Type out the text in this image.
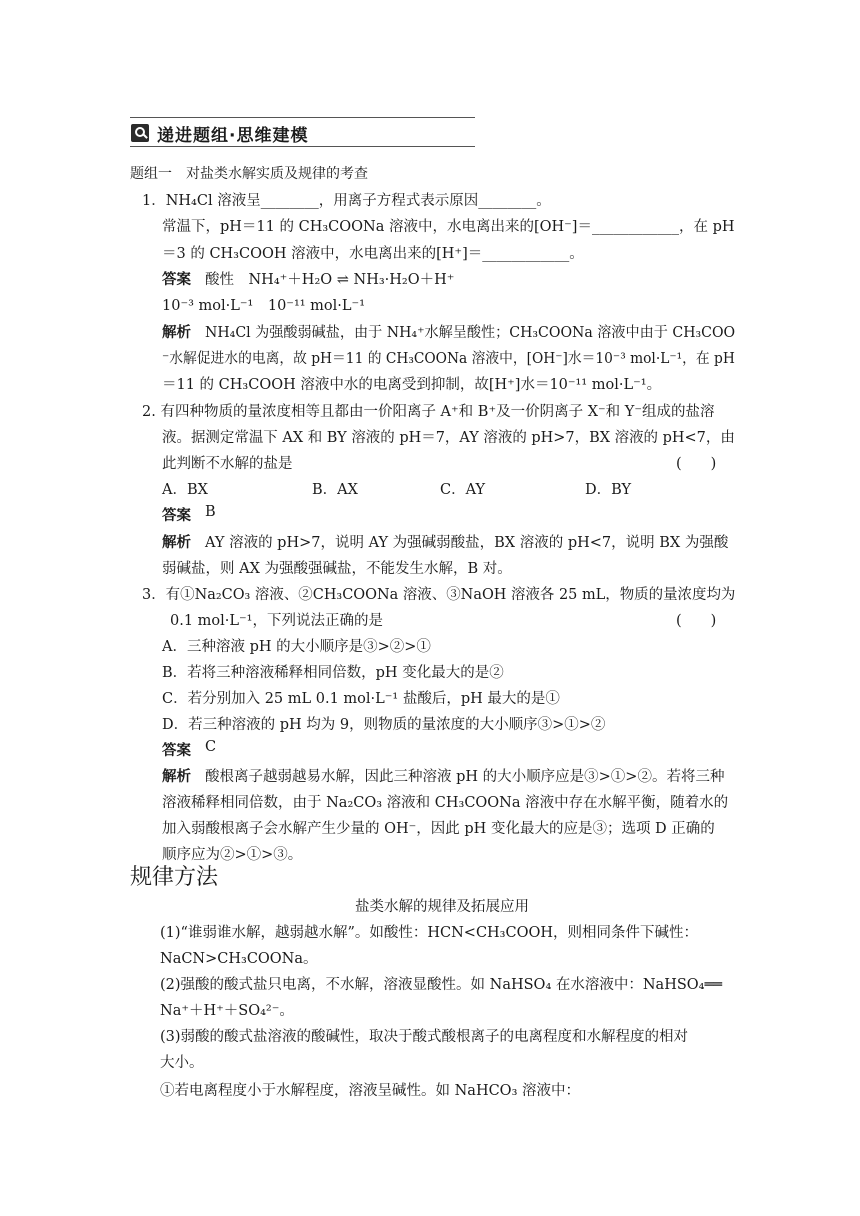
递进题组·思维建模
题组一　对盐类水解实质及规律的考查
1．NH₄Cl 溶液呈________，用离子方程式表示原因________。
常温下，pH＝11 的 CH₃COONa 溶液中，水电离出来的[OH⁻]＝____________，在 pH
＝3 的 CH₃COOH 溶液中，水电离出来的[H⁺]＝____________。
答案 酸性　NH₄⁺＋H₂O ⇌ NH₃·H₂O＋H⁺
10⁻³ mol·L⁻¹　10⁻¹¹ mol·L⁻¹
解析 NH₄Cl 为强酸弱碱盐，由于 NH₄⁺水解呈酸性；CH₃COONa 溶液中由于 CH₃COO
⁻水解促进水的电离，故 pH＝11 的 CH₃COONa 溶液中，[OH⁻]水＝10⁻³ mol·L⁻¹，在 pH
＝11 的 CH₃COOH 溶液中水的电离受到抑制，故[H⁺]水＝10⁻¹¹ mol·L⁻¹。
2. 有四种物质的量浓度相等且都由一价阳离子 A⁺和 B⁺及一价阴离子 X⁻和 Y⁻组成的盐溶
液。据测定常温下 AX 和 BY 溶液的 pH＝7，AY 溶液的 pH>7，BX 溶液的 pH<7，由
此判断不水解的盐是	(　　)
A．BX	B．AX	C．AY	D．BY
答案 B
解析 AY 溶液的 pH>7，说明 AY 为强碱弱酸盐，BX 溶液的 pH<7，说明 BX 为强酸
弱碱盐，则 AX 为强酸强碱盐，不能发生水解，B 对。
3．有①Na₂CO₃ 溶液、②CH₃COONa 溶液、③NaOH 溶液各 25 mL，物质的量浓度均为
0.1 mol·L⁻¹，下列说法正确的是	(　　)
A．三种溶液 pH 的大小顺序是③>②>①
B．若将三种溶液稀释相同倍数，pH 变化最大的是②
C．若分别加入 25 mL 0.1 mol·L⁻¹ 盐酸后，pH 最大的是①
D．若三种溶液的 pH 均为 9，则物质的量浓度的大小顺序③>①>②
答案 C
解析 酸根离子越弱越易水解，因此三种溶液 pH 的大小顺序应是③>①>②。若将三种
溶液稀释相同倍数，由于 Na₂CO₃ 溶液和 CH₃COONa 溶液中存在水解平衡，随着水的
加入弱酸根离子会水解产生少量的 OH⁻，因此 pH 变化最大的应是③；选项 D 正确的
顺序应为②>①>③。
规律方法
盐类水解的规律及拓展应用
(1)“谁弱谁水解，越弱越水解”。如酸性：HCN<CH₃COOH，则相同条件下碱性：
NaCN>CH₃COONa。
(2)强酸的酸式盐只电离，不水解，溶液显酸性。如 NaHSO₄ 在水溶液中：NaHSO₄══
Na⁺＋H⁺＋SO₄²⁻。
(3)弱酸的酸式盐溶液的酸碱性，取决于酸式酸根离子的电离程度和水解程度的相对
大小。
①若电离程度小于水解程度，溶液呈碱性。如 NaHCO₃ 溶液中：
